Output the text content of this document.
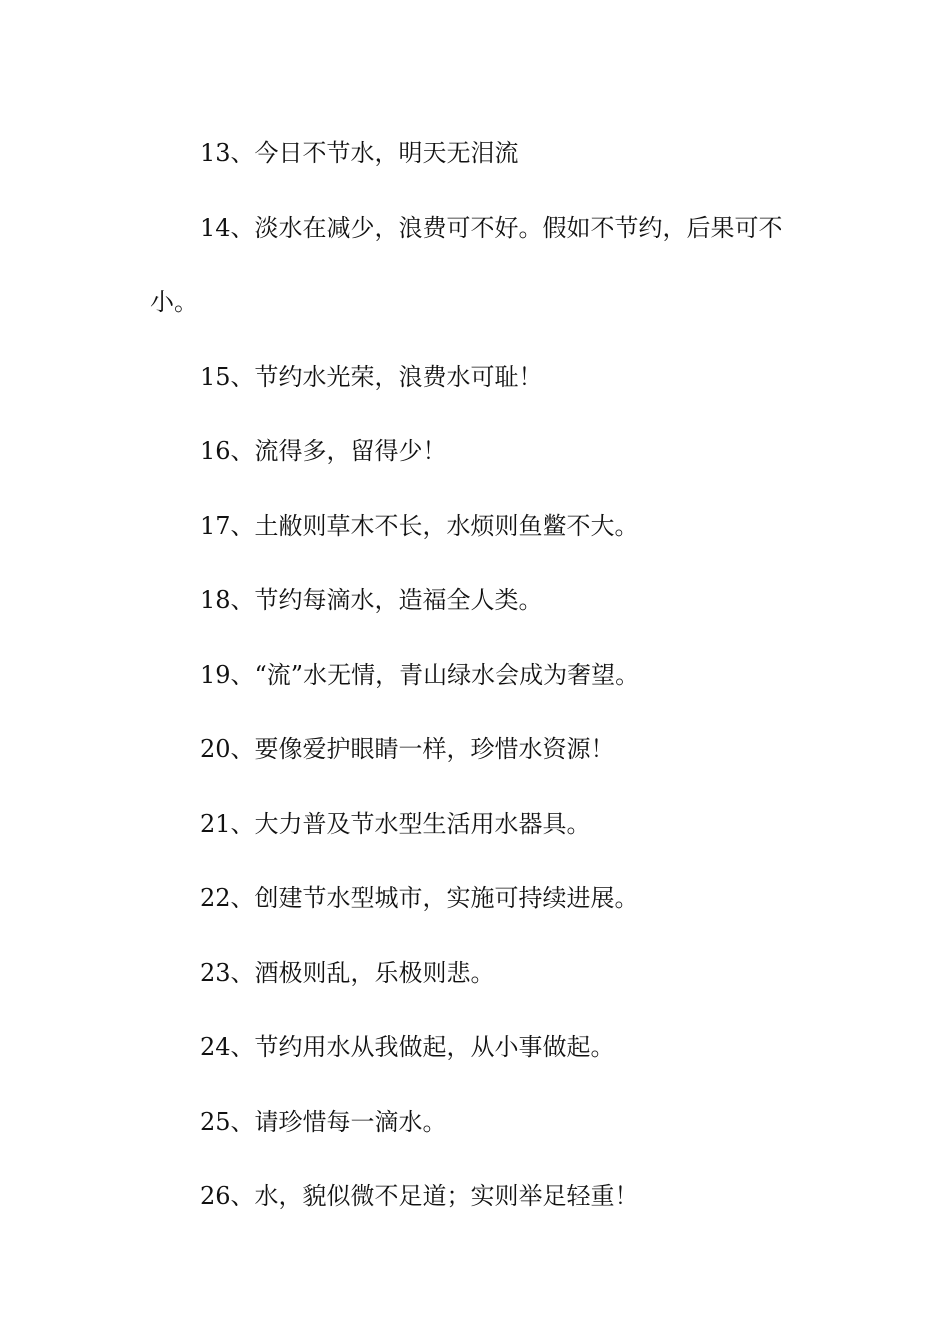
13、今日不节水，明天无泪流

14、淡水在减少，浪费可不好。假如不节约，后果可不小。

15、节约水光荣，浪费水可耻！

16、流得多，留得少！

17、土敝则草木不长，水烦则鱼鳖不大。

18、节约每滴水，造福全人类。

19、“流”水无情，青山绿水会成为奢望。

20、要像爱护眼睛一样，珍惜水资源！

21、大力普及节水型生活用水器具。

22、创建节水型城市，实施可持续进展。

23、酒极则乱，乐极则悲。

24、节约用水从我做起，从小事做起。

25、请珍惜每一滴水。

26、水，貌似微不足道；实则举足轻重！
